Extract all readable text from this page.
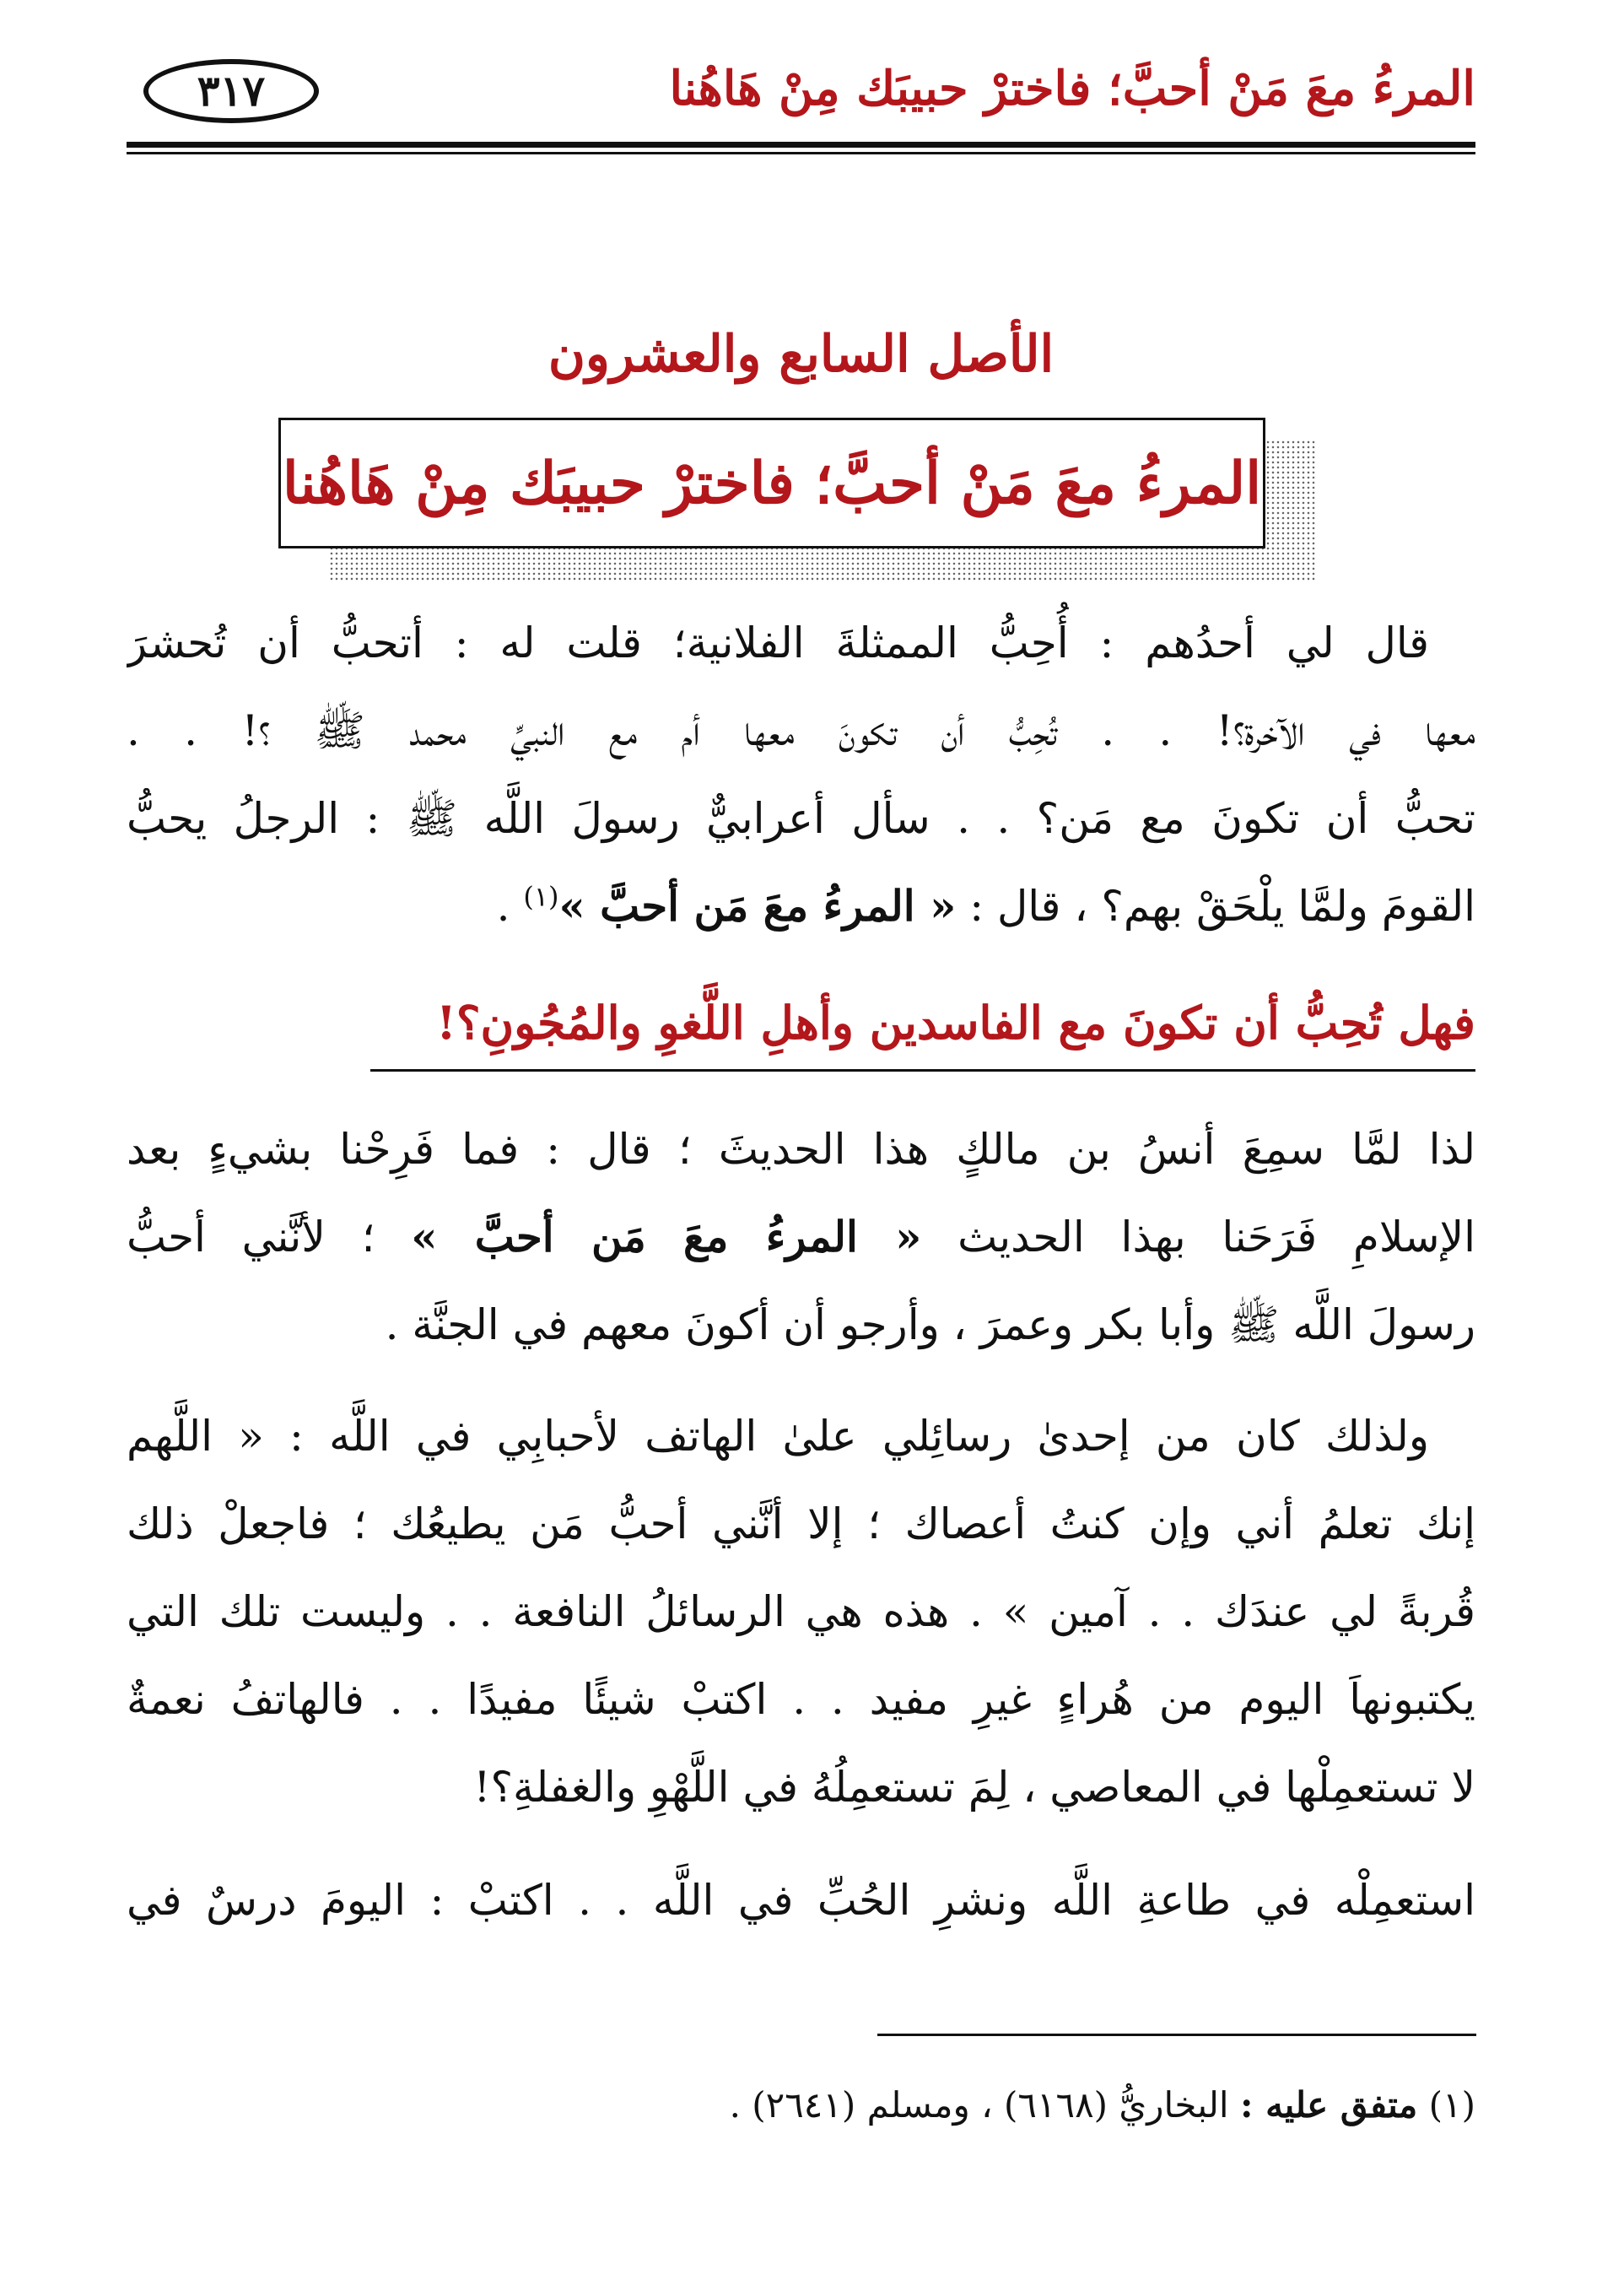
المرءُ معَ مَنْ أحبَّ؛ فاخترْ حبيبَك مِنْ هَاهُنا
٣١٧
الأصل السابع والعشرون
المرءُ معَ مَنْ أحبَّ؛ فاخترْ حبيبَك مِنْ هَاهُنا
قال لي أحدُهم : أُحِبُّ الممثلةَ الفلانية؛ قلت له : أتحبُّ أن تُحشرَ
معها في الآخرة؟! . . تُحِبُّ أن تكونَ معها أم مع النبيِّ محمد ﷺ ؟! . .
تحبُّ أن تكونَ مع مَن؟ . . سأل أعرابيٌّ رسولَ اللَّه ﷺ : الرجلُ يحبُّ
القومَ ولمَّا يلْحَقْ بهم؟ ، قال : « المرءُ معَ مَن أحبَّ »$^{(١)}$ .
فهل تُحِبُّ أن تكونَ مع الفاسدين وأهلِ اللَّغوِ والمُجُونِ؟!
لذا لمَّا سمِعَ أنسُ بن مالكٍ هذا الحديثَ ؛ قال : فما فَرِحْنا بشيءٍ بعد
الإسلامِ فَرَحَنا بهذا الحديث « المرءُ معَ مَن أحبَّ » ؛ لأنَّني أحبُّ
رسولَ اللَّه ﷺ وأبا بكر وعمرَ ، وأرجو أن أكونَ معهم في الجنَّة .
ولذلك كان من إحدىٰ رسائِلي علىٰ الهاتف لأحبابِي في اللَّه : « اللَّهم
إنك تعلمُ أني وإن كنتُ أعصاك ؛ إلا أنَّني أحبُّ مَن يطيعُك ؛ فاجعلْ ذلك
قُربةً لي عندَك . . آمين » . هذه هي الرسائلُ النافعة . . وليست تلك التي
يكتبونهاَ اليوم من هُراءٍ غيرِ مفيد . . اكتبْ شيئًا مفيدًا . . فالهاتفُ نعمةٌ
لا تستعمِلْها في المعاصي ، لِمَ تستعمِلُهُ في اللَّهْوِ والغفلةِ؟!
استعمِلْه في طاعةِ اللَّه ونشرِ الحُبِّ في اللَّه . . اكتبْ : اليومَ درسٌ في
(١) متفق عليه : البخاريُّ (٦١٦٨) ، ومسلم (٢٦٤١) .
